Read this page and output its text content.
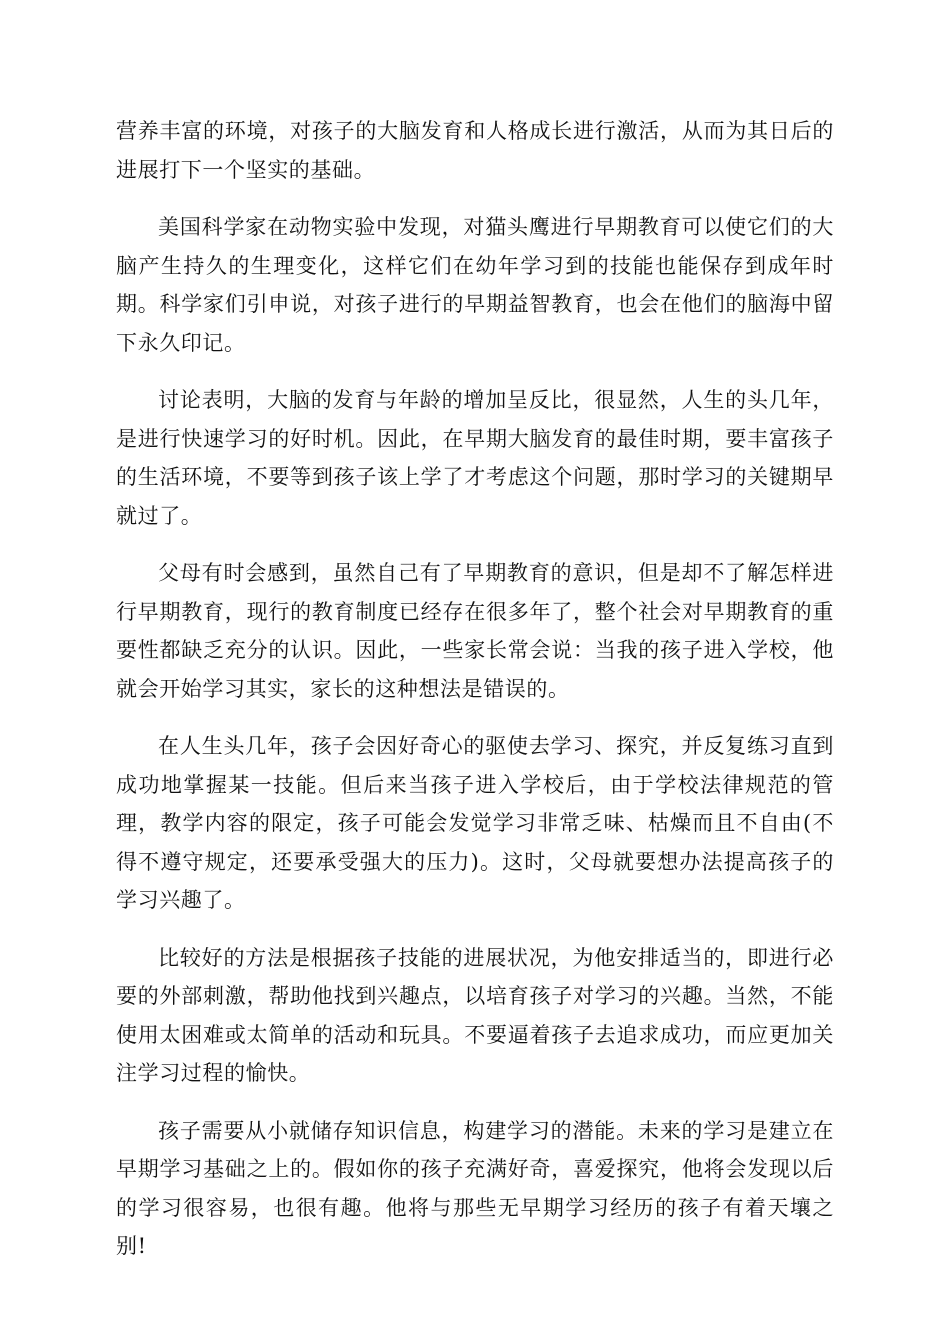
营养丰富的环境，对孩子的大脑发育和人格成长进行激活，从而为其日后的进展打下一个坚实的基础。

美国科学家在动物实验中发现，对猫头鹰进行早期教育可以使它们的大脑产生持久的生理变化，这样它们在幼年学习到的技能也能保存到成年时期。科学家们引申说，对孩子进行的早期益智教育，也会在他们的脑海中留下永久印记。

讨论表明，大脑的发育与年龄的增加呈反比，很显然，人生的头几年，是进行快速学习的好时机。因此，在早期大脑发育的最佳时期，要丰富孩子的生活环境，不要等到孩子该上学了才考虑这个问题，那时学习的关键期早就过了。

父母有时会感到，虽然自己有了早期教育的意识，但是却不了解怎样进行早期教育，现行的教育制度已经存在很多年了，整个社会对早期教育的重要性都缺乏充分的认识。因此，一些家长常会说：当我的孩子进入学校，他就会开始学习其实，家长的这种想法是错误的。

在人生头几年，孩子会因好奇心的驱使去学习、探究，并反复练习直到成功地掌握某一技能。但后来当孩子进入学校后，由于学校法律规范的管理，教学内容的限定，孩子可能会发觉学习非常乏味、枯燥而且不自由(不得不遵守规定，还要承受强大的压力)。这时，父母就要想办法提高孩子的学习兴趣了。

比较好的方法是根据孩子技能的进展状况，为他安排适当的，即进行必要的外部刺激，帮助他找到兴趣点，以培育孩子对学习的兴趣。当然，不能使用太困难或太简单的活动和玩具。不要逼着孩子去追求成功，而应更加关注学习过程的愉快。

孩子需要从小就储存知识信息，构建学习的潜能。未来的学习是建立在早期学习基础之上的。假如你的孩子充满好奇，喜爱探究，他将会发现以后的学习很容易，也很有趣。他将与那些无早期学习经历的孩子有着天壤之别!
